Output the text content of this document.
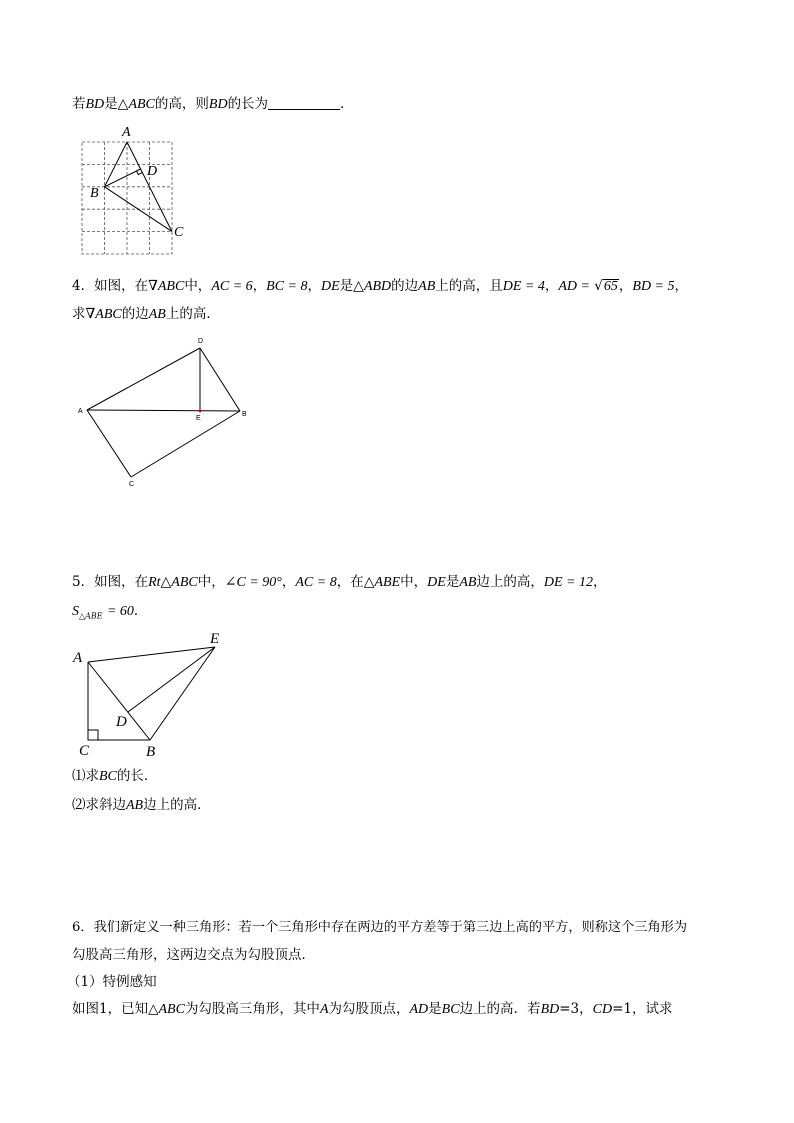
若BD是△ABC的高，则BD的长为	．
A
B
C
D
4．如图，在∇ABC中，AC = 6，BC = 8，DE是△ABD的边AB上的高，且DE = 4，AD = √65，BD = 5，
求∇ABC的边AB上的高．
D
A	B
E
C
5．如图，在Rt△ABC中，∠C = 90°，AC = 8，在△ABE中，DE是AB边上的高，DE = 12，
$S_{\triangle ABE} = 60$．
A
E
D
C	B
⑴求BC的长．
⑵求斜边AB边上的高．
6．我们新定义一种三角形：若一个三角形中存在两边的平方差等于第三边上高的平方，则称这个三角形为
勾股高三角形，这两边交点为勾股顶点．
（1）特例感知
如图1，已知△ABC为勾股高三角形，其中A为勾股顶点，AD是BC边上的高．若BD=3，CD=1，试求
